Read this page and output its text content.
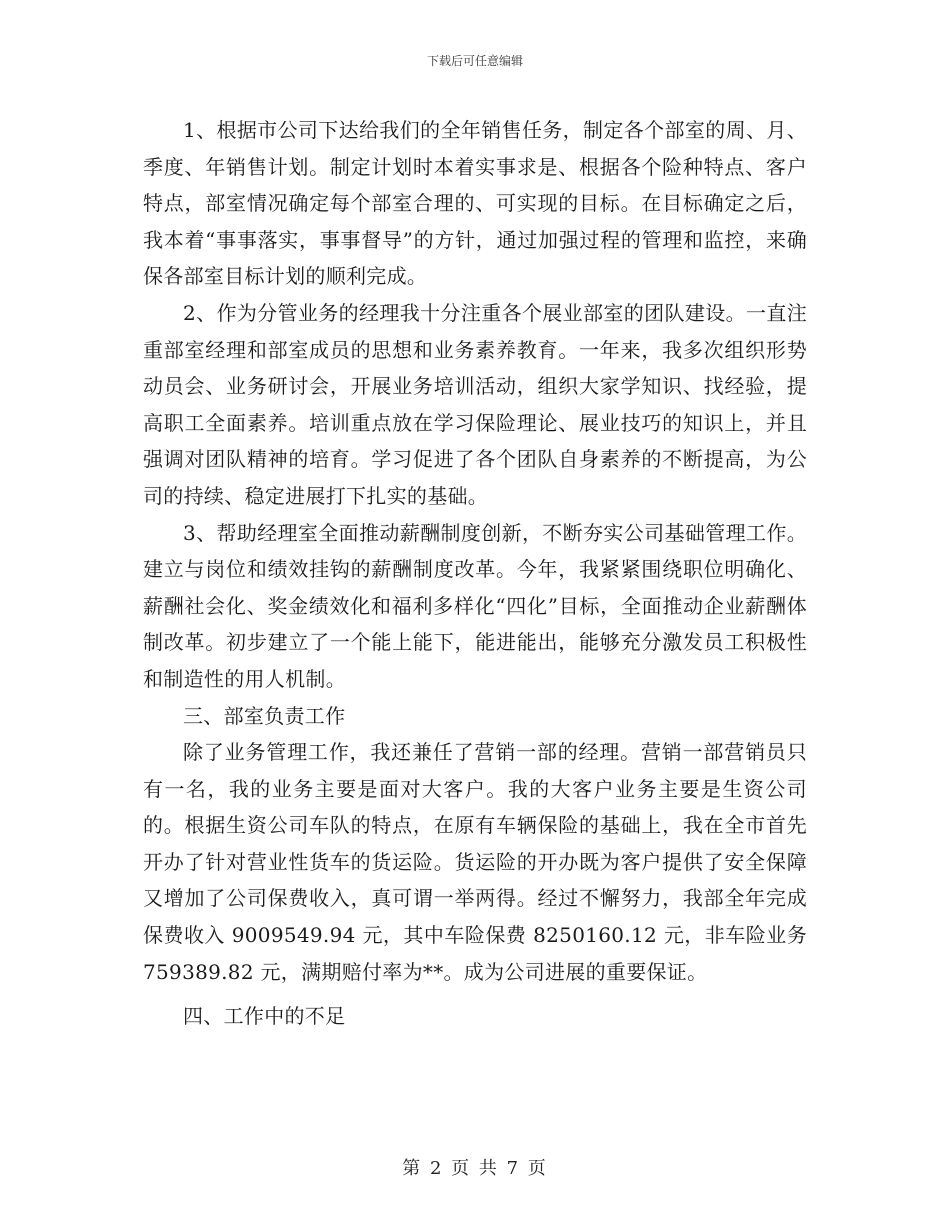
下载后可任意编辑

1、根据市公司下达给我们的全年销售任务，制定各个部室的周、月、季度、年销售计划。制定计划时本着实事求是、根据各个险种特点、客户特点，部室情况确定每个部室合理的、可实现的目标。在目标确定之后，我本着“事事落实，事事督导”的方针，通过加强过程的管理和监控，来确保各部室目标计划的顺利完成。

2、作为分管业务的经理我十分注重各个展业部室的团队建设。一直注重部室经理和部室成员的思想和业务素养教育。一年来，我多次组织形势动员会、业务研讨会，开展业务培训活动，组织大家学知识、找经验，提高职工全面素养。培训重点放在学习保险理论、展业技巧的知识上，并且强调对团队精神的培育。学习促进了各个团队自身素养的不断提高，为公司的持续、稳定进展打下扎实的基础。

3、帮助经理室全面推动薪酬制度创新，不断夯实公司基础管理工作。建立与岗位和绩效挂钩的薪酬制度改革。今年，我紧紧围绕职位明确化、薪酬社会化、奖金绩效化和福利多样化“四化”目标，全面推动企业薪酬体制改革。初步建立了一个能上能下，能进能出，能够充分激发员工积极性和制造性的用人机制。

三、部室负责工作

除了业务管理工作，我还兼任了营销一部的经理。营销一部营销员只有一名，我的业务主要是面对大客户。我的大客户业务主要是生资公司的。根据生资公司车队的特点，在原有车辆保险的基础上，我在全市首先开办了针对营业性货车的货运险。货运险的开办既为客户提供了安全保障又增加了公司保费收入，真可谓一举两得。经过不懈努力，我部全年完成保费收入 9009549.94 元，其中车险保费 8250160.12 元，非车险业务 759389.82 元，满期赔付率为**。成为公司进展的重要保证。

四、工作中的不足

第 2 页 共 7 页
